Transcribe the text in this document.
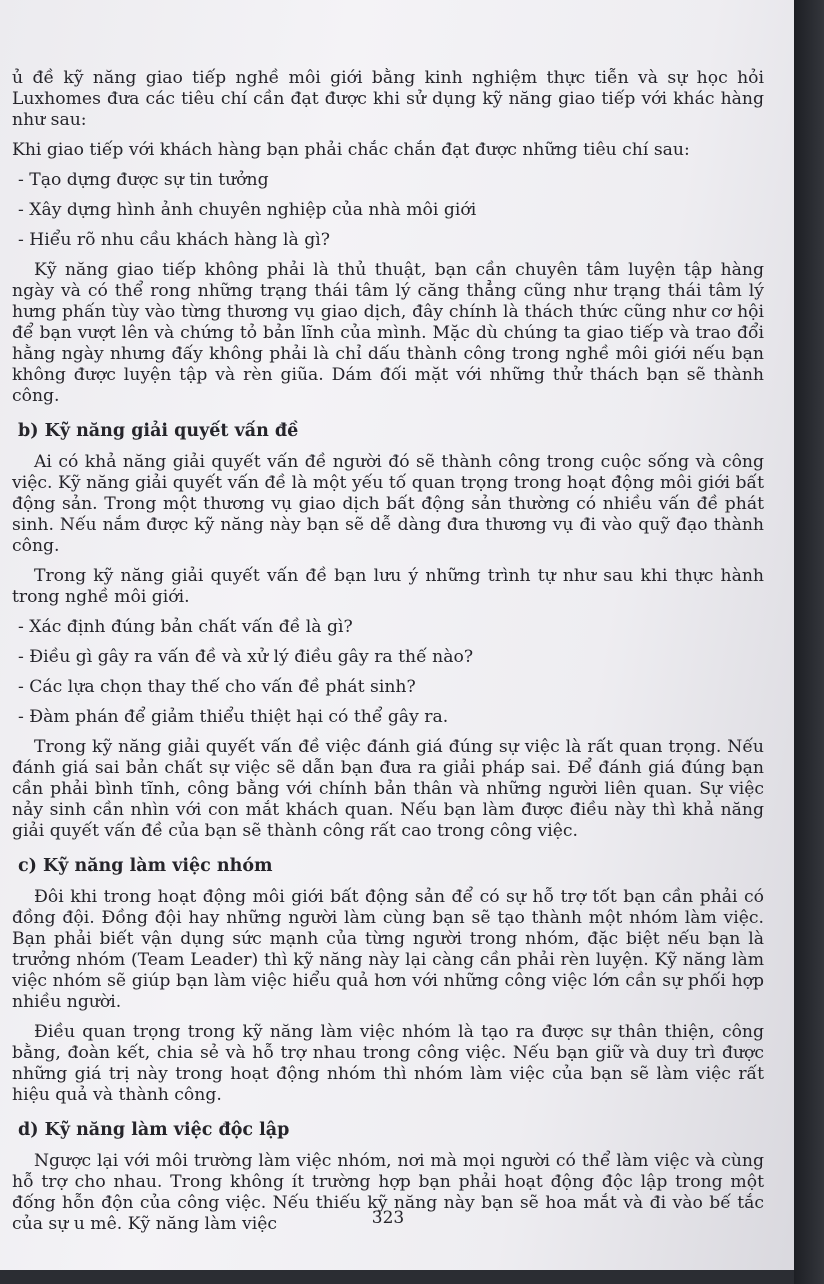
ủ đề kỹ năng giao tiếp nghề môi giới bằng kinh nghiệm thực tiễn và sự học hỏi Luxhomes đưa các tiêu chí cần đạt được khi sử dụng kỹ năng giao tiếp với khác hàng như sau:

Khi giao tiếp với khách hàng bạn phải chắc chắn đạt được những tiêu chí sau:

- Tạo dựng được sự tin tưởng

- Xây dựng hình ảnh chuyên nghiệp của nhà môi giới

- Hiểu rõ nhu cầu khách hàng là gì?

Kỹ năng giao tiếp không phải là thủ thuật, bạn cần chuyên tâm luyện tập hàng ngày và có thể rong những trạng thái tâm lý căng thẳng cũng như trạng thái tâm lý hưng phấn tùy vào từng thương vụ giao dịch, đây chính là thách thức cũng như cơ hội để bạn vượt lên và chứng tỏ bản lĩnh của mình. Mặc dù chúng ta giao tiếp và trao đổi hằng ngày nhưng đấy không phải là chỉ dấu thành công trong nghề môi giới nếu bạn không được luyện tập và rèn giũa. Dám đối mặt với những thử thách bạn sẽ thành công.

b) Kỹ năng giải quyết vấn đề

Ai có khả năng giải quyết vấn đề người đó sẽ thành công trong cuộc sống và công việc. Kỹ năng giải quyết vấn đề là một yếu tố quan trọng trong hoạt động môi giới bất động sản. Trong một thương vụ giao dịch bất động sản thường có nhiều vấn đề phát sinh. Nếu nắm được kỹ năng này bạn sẽ dễ dàng đưa thương vụ đi vào quỹ đạo thành công.

Trong kỹ năng giải quyết vấn đề bạn lưu ý những trình tự như sau khi thực hành trong nghề môi giới.

- Xác định đúng bản chất vấn đề là gì?

- Điều gì gây ra vấn đề và xử lý điều gây ra thế nào?

- Các lựa chọn thay thế cho vấn đề phát sinh?

- Đàm phán để giảm thiểu thiệt hại có thể gây ra.

Trong kỹ năng giải quyết vấn đề việc đánh giá đúng sự việc là rất quan trọng. Nếu đánh giá sai bản chất sự việc sẽ dẫn bạn đưa ra giải pháp sai. Để đánh giá đúng bạn cần phải bình tĩnh, công bằng với chính bản thân và những người liên quan. Sự việc nảy sinh cần nhìn với con mắt khách quan. Nếu bạn làm được điều này thì khả năng giải quyết vấn đề của bạn sẽ thành công rất cao trong công việc.

c) Kỹ năng làm việc nhóm

Đôi khi trong hoạt động môi giới bất động sản để có sự hỗ trợ tốt bạn cần phải có đồng đội. Đồng đội hay những người làm cùng bạn sẽ tạo thành một nhóm làm việc. Bạn phải biết vận dụng sức mạnh của từng người trong nhóm, đặc biệt nếu bạn là trưởng nhóm (Team Leader) thì kỹ năng này lại càng cần phải rèn luyện. Kỹ năng làm việc nhóm sẽ giúp bạn làm việc hiểu quả hơn với những công việc lớn cần sự phối hợp nhiều người.

Điều quan trọng trong kỹ năng làm việc nhóm là tạo ra được sự thân thiện, công bằng, đoàn kết, chia sẻ và hỗ trợ nhau trong công việc. Nếu bạn giữ và duy trì được những giá trị này trong hoạt động nhóm thì nhóm làm việc của bạn sẽ làm việc rất hiệu quả và thành công.

d) Kỹ năng làm việc độc lập

Ngược lại với môi trường làm việc nhóm, nơi mà mọi người có thể làm việc và cùng hỗ trợ cho nhau. Trong không ít trường hợp bạn phải hoạt động độc lập trong một đống hỗn độn của công việc. Nếu thiếu kỹ năng này bạn sẽ hoa mắt và đi vào bế tắc của sự u mê. Kỹ năng làm việc	323
